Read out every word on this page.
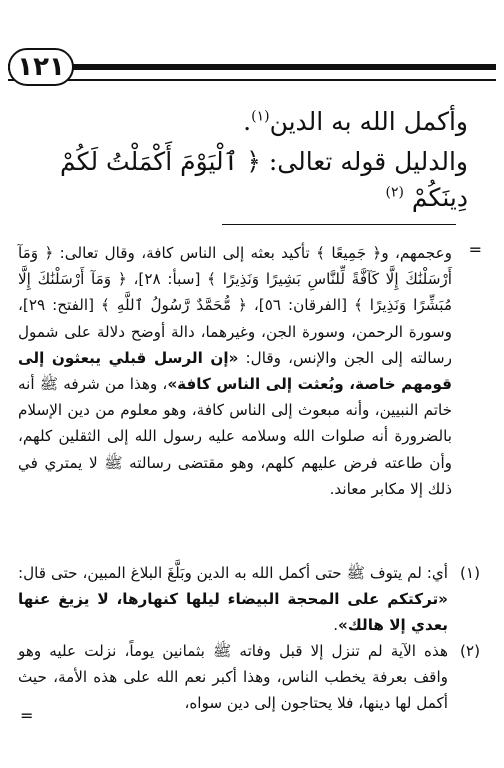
١٢١
وأكمل الله به الدين$^{(١)}$.
والدليل قوله تعالى: ﴿ ٱلْيَوْمَ أَكْمَلْتُ لَكُمْ دِينَكُمْ $^{(٢)}$
=
وعجمهم، و﴿ جَمِيعًا ﴾ تأكيد بعثه إلى الناس كافة، وقال تعالى: ﴿ وَمَآ أَرْسَلْنَٰكَ إِلَّا كَآفَّةً لِّلنَّاسِ بَشِيرًا وَنَذِيرًا ﴾ [سبأ: ٢٨]، ﴿ وَمَآ أَرْسَلْنَٰكَ إِلَّا مُبَشِّرًا وَنَذِيرًا ﴾ [الفرقان: ٥٦]، ﴿ مُّحَمَّدٌ رَّسُولُ ٱللَّهِ ﴾ [الفتح: ٢٩]، وسورة الرحمن، وسورة الجن، وغيرهما، دالة أوضح دلالة على شمول رسالته إلى الجن والإنس، وقال: «إن الرسل قبلي يبعثون إلى قومهم خاصة، وبُعثت إلى الناس كافة»، وهذا من شرفه ﷺ أنه خاتم النبيين، وأنه مبعوث إلى الناس كافة، وهو معلوم من دين الإسلام بالضرورة أنه صلوات الله وسلامه عليه رسول الله إلى الثقلين كلهم، وأن طاعته فرض عليهم كلهم، وهو مقتضى رسالته ﷺ لا يمتري في ذلك إلا مكابر معاند.
(١)
أي: لم يتوف ﷺ حتى أكمل الله به الدين وبَلَّغَ البلاغ المبين، حتى قال: «تركتكم على المحجة البيضاء ليلها كنهارها، لا يزيغ عنها بعدي إلا هالك».
(٢)
هذه الآية لم تنزل إلا قبل وفاته ﷺ بثمانين يوماً، نزلت عليه وهو واقف بعرفة يخطب الناس، وهذا أكبر نعم الله على هذه الأمة، حيث أكمل لها دينها، فلا يحتاجون إلى دين سواه،
=
